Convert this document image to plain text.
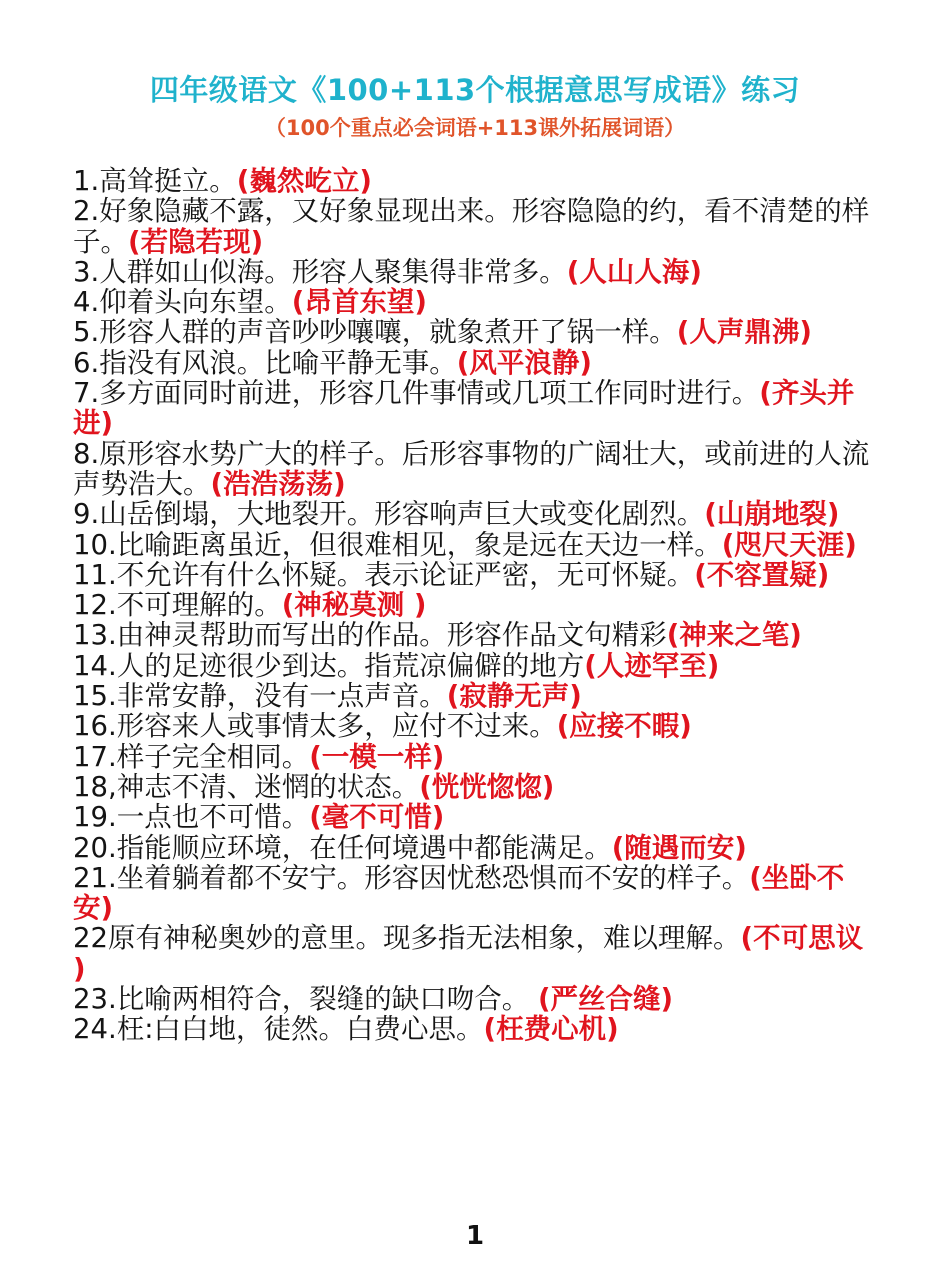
四年级语文《100+113个根据意思写成语》练习
（100个重点必会词语+113课外拓展词语）
1.高耸挺立。(巍然屹立)
2.好象隐藏不露，又好象显现出来。形容隐隐的约，看不清楚的样子。(若隐若现)
3.人群如山似海。形容人聚集得非常多。(人山人海)
4.仰着头向东望。(昂首东望)
5.形容人群的声音吵吵嚷嚷，就象煮开了锅一样。(人声鼎沸)
6.指没有风浪。比喻平静无事。(风平浪静)
7.多方面同时前进，形容几件事情或几项工作同时进行。(齐头并进)
8.原形容水势广大的样子。后形容事物的广阔壮大，或前进的人流声势浩大。(浩浩荡荡)
9.山岳倒塌，大地裂开。形容响声巨大或变化剧烈。(山崩地裂)
10.比喻距离虽近，但很难相见，象是远在天边一样。(咫尺天涯)
11.不允许有什么怀疑。表示论证严密，无可怀疑。(不容置疑)
12.不可理解的。(神秘莫测 )
13.由神灵帮助而写出的作品。形容作品文句精彩(神来之笔)
14.人的足迹很少到达。指荒凉偏僻的地方(人迹罕至)
15.非常安静，没有一点声音。(寂静无声)
16.形容来人或事情太多，应付不过来。(应接不暇)
17.样子完全相同。(一模一样)
18,神志不清、迷惘的状态。(恍恍惚惚)
19.一点也不可惜。(毫不可惜)
20.指能顺应环境，在任何境遇中都能满足。(随遇而安)
21.坐着躺着都不安宁。形容因忧愁恐惧而不安的样子。(坐卧不安)
22原有神秘奥妙的意里。现多指无法相象，难以理解。(不可思议 )
23.比喻两相符合，裂缝的缺口吻合。 (严丝合缝)
24.枉:白白地，徒然。白费心思。(枉费心机)
1
